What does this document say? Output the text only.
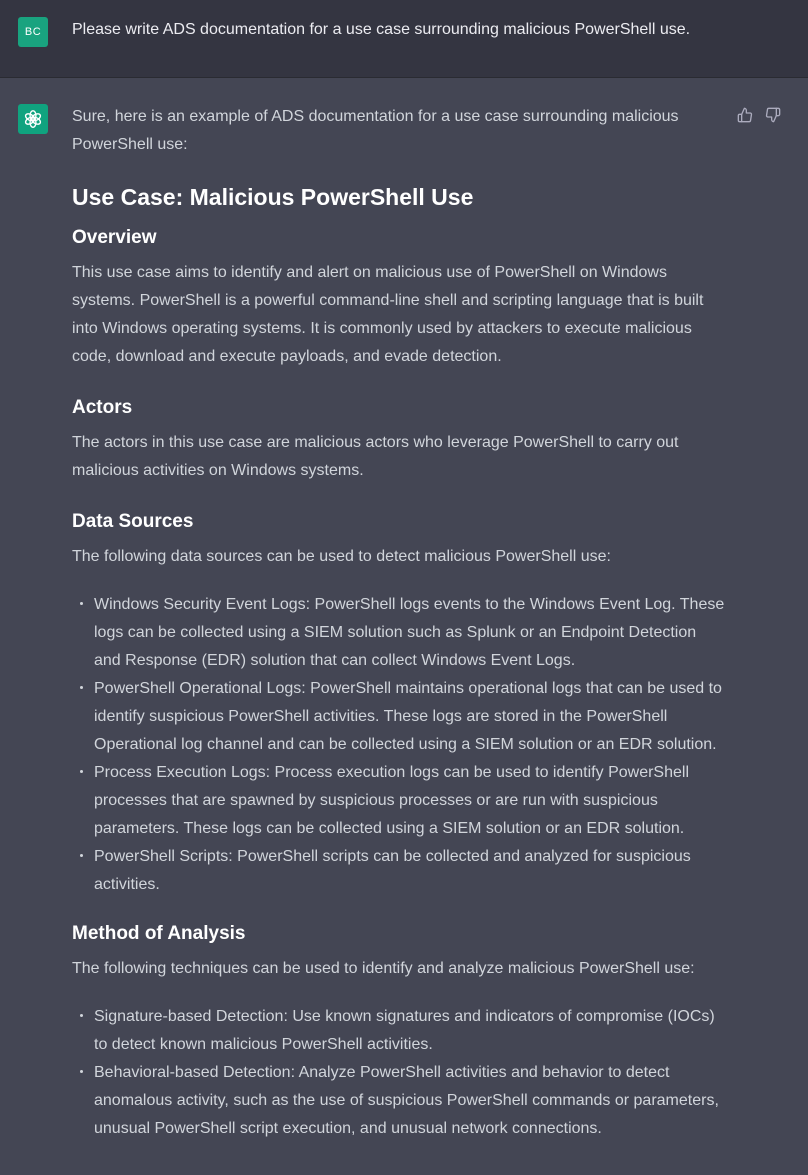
BC	Please write ADS documentation for a use case surrounding malicious PowerShell use.

Sure, here is an example of ADS documentation for a use case surrounding malicious PowerShell use:

Use Case: Malicious PowerShell Use
Overview

This use case aims to identify and alert on malicious use of PowerShell on Windows systems. PowerShell is a powerful command-line shell and scripting language that is built into Windows operating systems. It is commonly used by attackers to execute malicious code, download and execute payloads, and evade detection.

Actors

The actors in this use case are malicious actors who leverage PowerShell to carry out malicious activities on Windows systems.

Data Sources

The following data sources can be used to detect malicious PowerShell use:

Windows Security Event Logs: PowerShell logs events to the Windows Event Log. These logs can be collected using a SIEM solution such as Splunk or an Endpoint Detection and Response (EDR) solution that can collect Windows Event Logs.
PowerShell Operational Logs: PowerShell maintains operational logs that can be used to identify suspicious PowerShell activities. These logs are stored in the PowerShell Operational log channel and can be collected using a SIEM solution or an EDR solution.
Process Execution Logs: Process execution logs can be used to identify PowerShell processes that are spawned by suspicious processes or are run with suspicious parameters. These logs can be collected using a SIEM solution or an EDR solution.
PowerShell Scripts: PowerShell scripts can be collected and analyzed for suspicious activities.
Method of Analysis

The following techniques can be used to identify and analyze malicious PowerShell use:

Signature-based Detection: Use known signatures and indicators of compromise (IOCs) to detect known malicious PowerShell activities.
Behavioral-based Detection: Analyze PowerShell activities and behavior to detect anomalous activity, such as the use of suspicious PowerShell commands or parameters, unusual PowerShell script execution, and unusual network connections.
